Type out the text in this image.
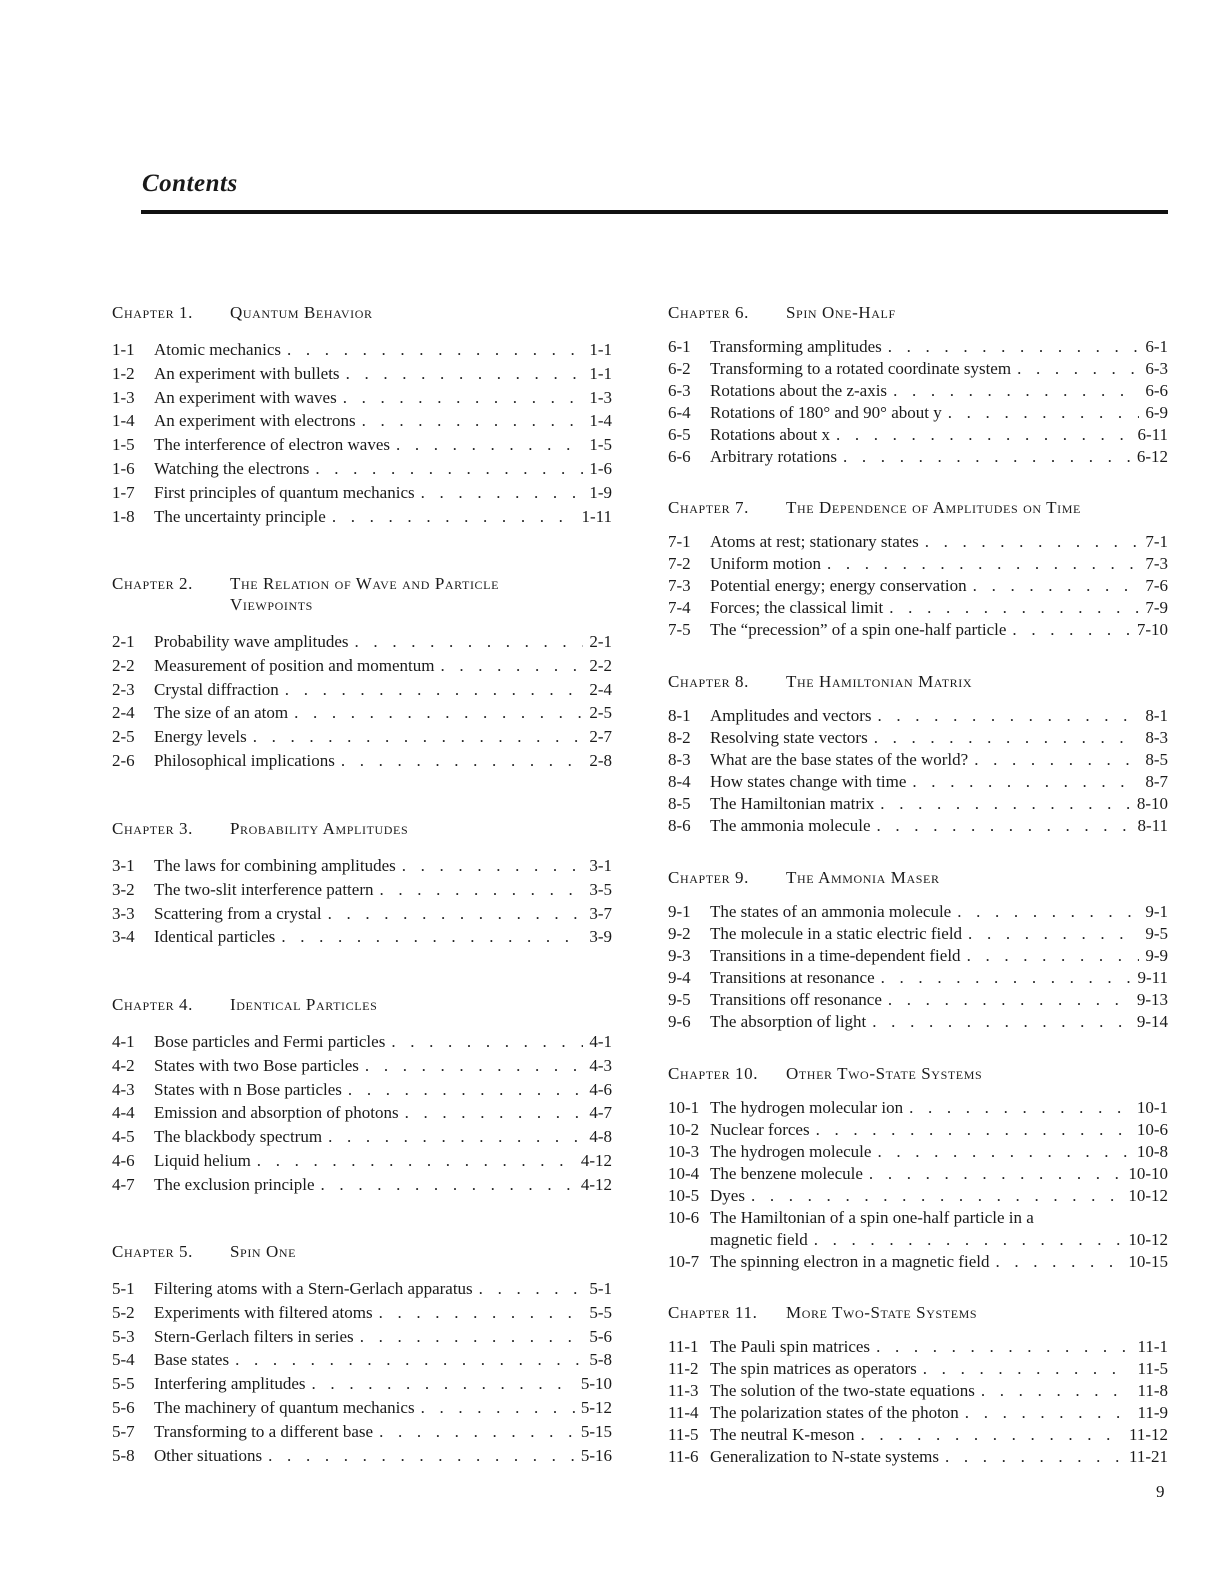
Contents
Chapter 1.	Quantum Behavior
1-1	Atomic mechanics . . .	1-1
1-2	An experiment with bullets . . .	1-1
1-3	An experiment with waves . . .	1-3
1-4	An experiment with electrons . . .	1-4
1-5	The interference of electron waves . . .	1-5
1-6	Watching the electrons . . .	1-6
1-7	First principles of quantum mechanics . . .	1-9
1-8	The uncertainty principle . . .	1-11
Chapter 2.	The Relation of Wave and Particle Viewpoints
2-1	Probability wave amplitudes . . .	2-1
2-2	Measurement of position and momentum . . .	2-2
2-3	Crystal diffraction . . .	2-4
2-4	The size of an atom . . .	2-5
2-5	Energy levels . . .	2-7
2-6	Philosophical implications . . .	2-8
Chapter 3.	Probability Amplitudes
3-1	The laws for combining amplitudes . . .	3-1
3-2	The two-slit interference pattern . . .	3-5
3-3	Scattering from a crystal . . .	3-7
3-4	Identical particles . . .	3-9
Chapter 4.	Identical Particles
4-1	Bose particles and Fermi particles . . .	4-1
4-2	States with two Bose particles . . .	4-3
4-3	States with n Bose particles . . .	4-6
4-4	Emission and absorption of photons . . .	4-7
4-5	The blackbody spectrum . . .	4-8
4-6	Liquid helium . . .	4-12
4-7	The exclusion principle . . .	4-12
Chapter 5.	Spin One
5-1	Filtering atoms with a Stern-Gerlach apparatus . . .	5-1
5-2	Experiments with filtered atoms . . .	5-5
5-3	Stern-Gerlach filters in series . . .	5-6
5-4	Base states . . .	5-8
5-5	Interfering amplitudes . . .	5-10
5-6	The machinery of quantum mechanics . . .	5-12
5-7	Transforming to a different base . . .	5-15
5-8	Other situations . . .	5-16
Chapter 6.	Spin One-Half
6-1	Transforming amplitudes . . .	6-1
6-2	Transforming to a rotated coordinate system . . .	6-3
6-3	Rotations about the z-axis . . .	6-6
6-4	Rotations of 180° and 90° about y . . .	6-9
6-5	Rotations about x . . .	6-11
6-6	Arbitrary rotations . . .	6-12
Chapter 7.	The Dependence of Amplitudes on Time
7-1	Atoms at rest; stationary states . . .	7-1
7-2	Uniform motion . . .	7-3
7-3	Potential energy; energy conservation . . .	7-6
7-4	Forces; the classical limit . . .	7-9
7-5	The “precession” of a spin one-half particle . . .	7-10
Chapter 8.	The Hamiltonian Matrix
8-1	Amplitudes and vectors . . .	8-1
8-2	Resolving state vectors . . .	8-3
8-3	What are the base states of the world? . . .	8-5
8-4	How states change with time . . .	8-7
8-5	The Hamiltonian matrix . . .	8-10
8-6	The ammonia molecule . . .	8-11
Chapter 9.	The Ammonia Maser
9-1	The states of an ammonia molecule . . .	9-1
9-2	The molecule in a static electric field . . .	9-5
9-3	Transitions in a time-dependent field . . .	9-9
9-4	Transitions at resonance . . .	9-11
9-5	Transitions off resonance . . .	9-13
9-6	The absorption of light . . .	9-14
Chapter 10.	Other Two-State Systems
10-1 The hydrogen molecular ion . . .	10-1
10-2 Nuclear forces . . .	10-6
10-3 The hydrogen molecule . . .	10-8
10-4 The benzene molecule . . .	10-10
10-5 Dyes . . .	10-12
10-6 The Hamiltonian of a spin one-half particle in a
magnetic field . . .	10-12
10-7 The spinning electron in a magnetic field . . .	10-15
Chapter 11.	More Two-State Systems
11-1 The Pauli spin matrices . . .	11-1
11-2 The spin matrices as operators . . .	11-5
11-3 The solution of the two-state equations . . .	11-8
11-4 The polarization states of the photon . . .	11-9
11-5 The neutral K-meson . . .	11-12
11-6 Generalization to N-state systems . . .	11-21
9
